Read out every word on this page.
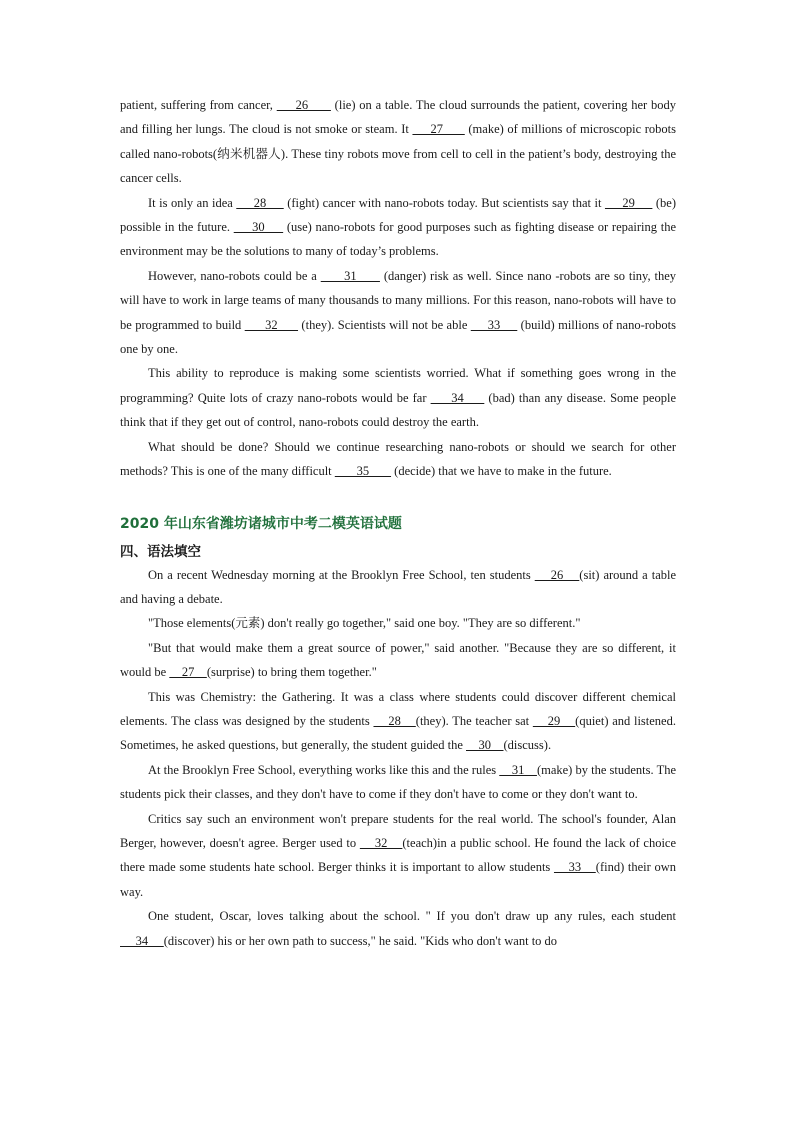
patient, suffering from cancer,      26       (lie) on a table. The cloud surrounds the patient, covering her body and filling her lungs. The cloud is not smoke or steam. It      27       (make) of millions of microscopic robots called nano-robots(纳米机器人). These tiny robots move from cell to cell in the patient’s body, destroying the cancer cells.

It is only an idea      28      (fight) cancer with nano-robots today. But scientists say that it      29      (be) possible in the future.      30      (use) nano-robots for good purposes such as fighting disease or repairing the environment may be the solutions to many of today’s problems.

However, nano-robots could be a       31       (danger) risk as well. Since nano -robots are so tiny, they will have to work in large teams of many thousands to many millions. For this reason, nano-robots will have to be programmed to build       32       (they). Scientists will not be able      33      (build) millions of nano-robots one by one.

This ability to reproduce is making some scientists worried. What if something goes wrong in the programming? Quite lots of crazy nano-robots would be far      34      (bad) than any disease. Some people think that if they get out of control, nano-robots could destroy the earth.

What should be done? Should we continue researching nano-robots or should we search for other methods? This is one of the many difficult        35        (decide) that we have to make in the future.

2020 年山东省潍坊诸城市中考二模英语试题
四、语法填空

On a recent Wednesday morning at the Brooklyn Free School, ten students     26    (sit) around a table and having a debate.

"Those elements(元素) don't really go together," said one boy. "They are so different."

"But that would make them a great source of power," said another. "Because they are so different, it would be     27    (surprise) to bring them together."

This was Chemistry: the Gathering. It was a class where students could discover different chemical elements. The class was designed by the students     28    (they). The teacher sat     29    (quiet) and listened. Sometimes, he asked questions, but generally, the student guided the     30    (discuss).

At the Brooklyn Free School, everything works like this and the rules     31    (make) by the students. The students pick their classes, and they don't have to come if they don't have to come or they don't want to.

Critics say such an environment won't prepare students for the real world. The school's founder, Alan Berger, however, doesn't agree. Berger used to     32    (teach)in a public school. He found the lack of choice there made some students hate school. Berger thinks it is important to allow students     33    (find) their own way.

One student, Oscar, loves talking about the school. " If you don't draw up any rules, each student      34     (discover) his or her own path to success," he said. "Kids who don't want to do
